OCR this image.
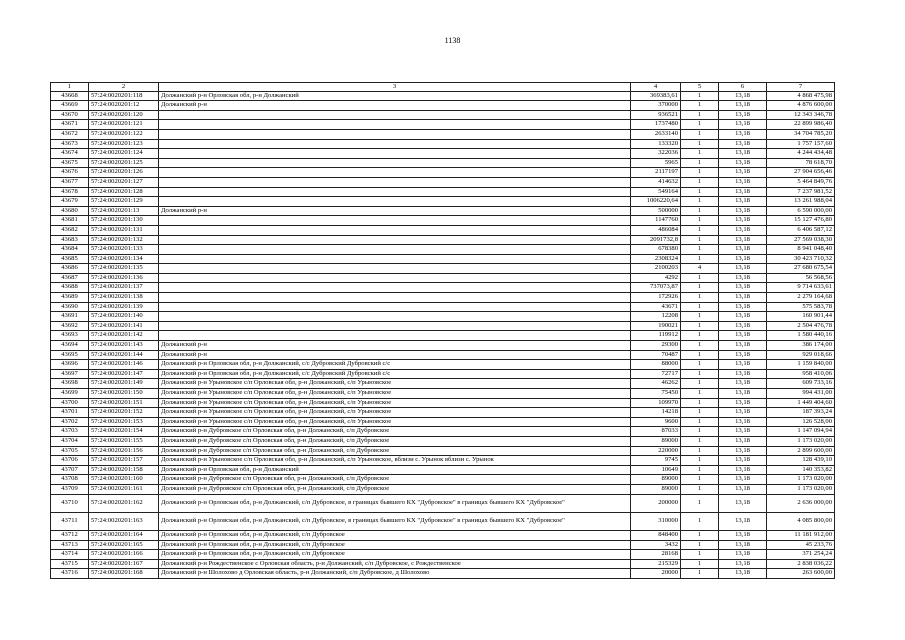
1138
1	2	3	4	5	6	7
43668	57:24:0020201:118	Должанский р-н Орловская обл, р-н Должанский	369383,61	1	13,18	4 868 475,98
43669	57:24:0020201:12	Должанский р-н	370000	1	13,18	4 876 600,00
43670	57:24:0020201:120		936521	1	13,18	12 343 346,78
43671	57:24:0020201:121		1737480	1	13,18	22 899 986,40
43672	57:24:0020201:122		2633140	1	13,18	34 704 785,20
43673	57:24:0020201:123		133320	1	13,18	1 757 157,60
43674	57:24:0020201:124		322036	1	13,18	4 244 434,48
43675	57:24:0020201:125		5965	1	13,18	78 618,70
43676	57:24:0020201:126		2117197	1	13,18	27 904 656,46
43677	57:24:0020201:127		414632	1	13,18	5 464 849,76
43678	57:24:0020201:128		549164	1	13,18	7 237 981,52
43679	57:24:0020201:129		1006220,64	1	13,18	13 261 988,04
43680	57:24:0020201:13	Должанский р-н	500000	1	13,18	6 590 000,00
43681	57:24:0020201:130		1147760	1	13,18	15 127 476,80
43682	57:24:0020201:131		486084	1	13,18	6 406 587,12
43683	57:24:0020201:132		2091732,8	1	13,18	27 569 038,30
43684	57:24:0020201:133		678380	1	13,18	8 941 048,40
43685	57:24:0020201:134		2308324	1	13,18	30 423 710,32
43686	57:24:0020201:135		2100203	4	13,18	27 680 675,54
43687	57:24:0020201:136		4292	1	13,18	56 568,56
43688	57:24:0020201:137		737073,87	1	13,18	9 714 633,61
43689	57:24:0020201:138		172926	1	13,18	2 279 164,68
43690	57:24:0020201:139		43671	1	13,18	575 583,78
43691	57:24:0020201:140		12208	1	13,18	160 901,44
43692	57:24:0020201:141		190021	1	13,18	2 504 476,78
43693	57:24:0020201:142		119912	1	13,18	1 580 440,16
43694	57:24:0020201:143	Должанский р-н	29300	1	13,18	386 174,00
43695	57:24:0020201:144	Должанский р-н	70487	1	13,18	929 018,66
43696	57:24:0020201:146	Должанский р-н Орловская обл, р-н Должанский, с/с Дубровский Дубровский с/с	88000	1	13,18	1 159 840,00
43697	57:24:0020201:147	Должанский р-н Орловская обл, р-н Должанский, с/с Дубровский Дубровский с/с	72717	1	13,18	958 410,06
43698	57:24:0020201:149	Должанский р-н Урыновское с/п Орловская обл, р-н Должанский, с/п Урыновское	46262	1	13,18	609 733,16
43699	57:24:0020201:150	Должанский р-н Урыновское с/п Орловская обл, р-н Должанский, с/п Урыновское	75450	1	13,18	994 431,00
43700	57:24:0020201:151	Должанский р-н Урыновское с/п Орловская обл, р-н Должанский, с/п Урыновское	109970	1	13,18	1 449 404,60
43701	57:24:0020201:152	Должанский р-н Урыновское с/п Орловская обл, р-н Должанский, с/п Урыновское	14218	1	13,18	187 393,24
43702	57:24:0020201:153	Должанский р-н Урыновское с/п Орловская обл, р-н Должанский, с/п Урыновское	9600	1	13,18	126 528,00
43703	57:24:0020201:154	Должанский р-н Дубровское с/п Орловская обл, р-н Должанский, с/п Дубровское	87033	1	13,18	1 147 094,94
43704	57:24:0020201:155	Должанский р-н Дубровское с/п Орловская обл, р-н Должанский, с/п Дубровское	89000	1	13,18	1 173 020,00
43705	57:24:0020201:156	Должанский р-н Дубровское с/п Орловская обл, р-н Должанский, с/п Дубровское	220000	1	13,18	2 899 600,00
43706	57:24:0020201:157	Должанский р-н Урыновское с/п Орловская обл, р-н Должанский, с/п Урыновское, вблизи с. Урынок вблизи с. Урынок	9745	1	13,18	128 439,10
43707	57:24:0020201:158	Должанский р-н Орловская обл, р-н Должанский	10649	1	13,18	140 353,82
43708	57:24:0020201:160	Должанский р-н Дубровское с/п Орловская обл, р-н Должанский, с/п Дубровское	89000	1	13,18	1 173 020,00
43709	57:24:0020201:161	Должанский р-н Дубровское с/п Орловская обл, р-н Должанский, с/п Дубровское	89000	1	13,18	1 173 020,00
43710	57:24:0020201:162	Должанский р-н Орловская обл, р-н Должанский, с/п Дубровское, в границах бывшего КХ "Дубровское" в границах бывшего КХ "Дубровское"	200000	1	13,18	2 636 000,00
43711	57:24:0020201:163	Должанский р-н Орловская обл, р-н Должанский, с/п Дубровское, в границах бывшего КХ "Дубровское" в границах бывшего КХ "Дубровское"	310000	1	13,18	4 085 800,00
43712	57:24:0020201:164	Должанский р-н Орловская обл, р-н Должанский, с/п Дубровское	848400	1	13,18	11 181 912,00
43713	57:24:0020201:165	Должанский р-н Орловская обл, р-н Должанский, с/п Дубровское	3432	1	13,18	45 233,76
43714	57:24:0020201:166	Должанский р-н Орловская обл, р-н Должанский, с/п Дубровское	28168	1	13,18	371 254,24
43715	57:24:0020201:167	Должанский р-н Рождественское с Орловская область, р-н Должанский, с/п Дубровское, с Рождественское	215329	1	13,18	2 838 036,22
43716	57:24:0020201:168	Должанский р-н Шолохово д Орловская область, р-н Должанский, с/п Дубровское, д Шолохово	20000	1	13,18	263 600,00
